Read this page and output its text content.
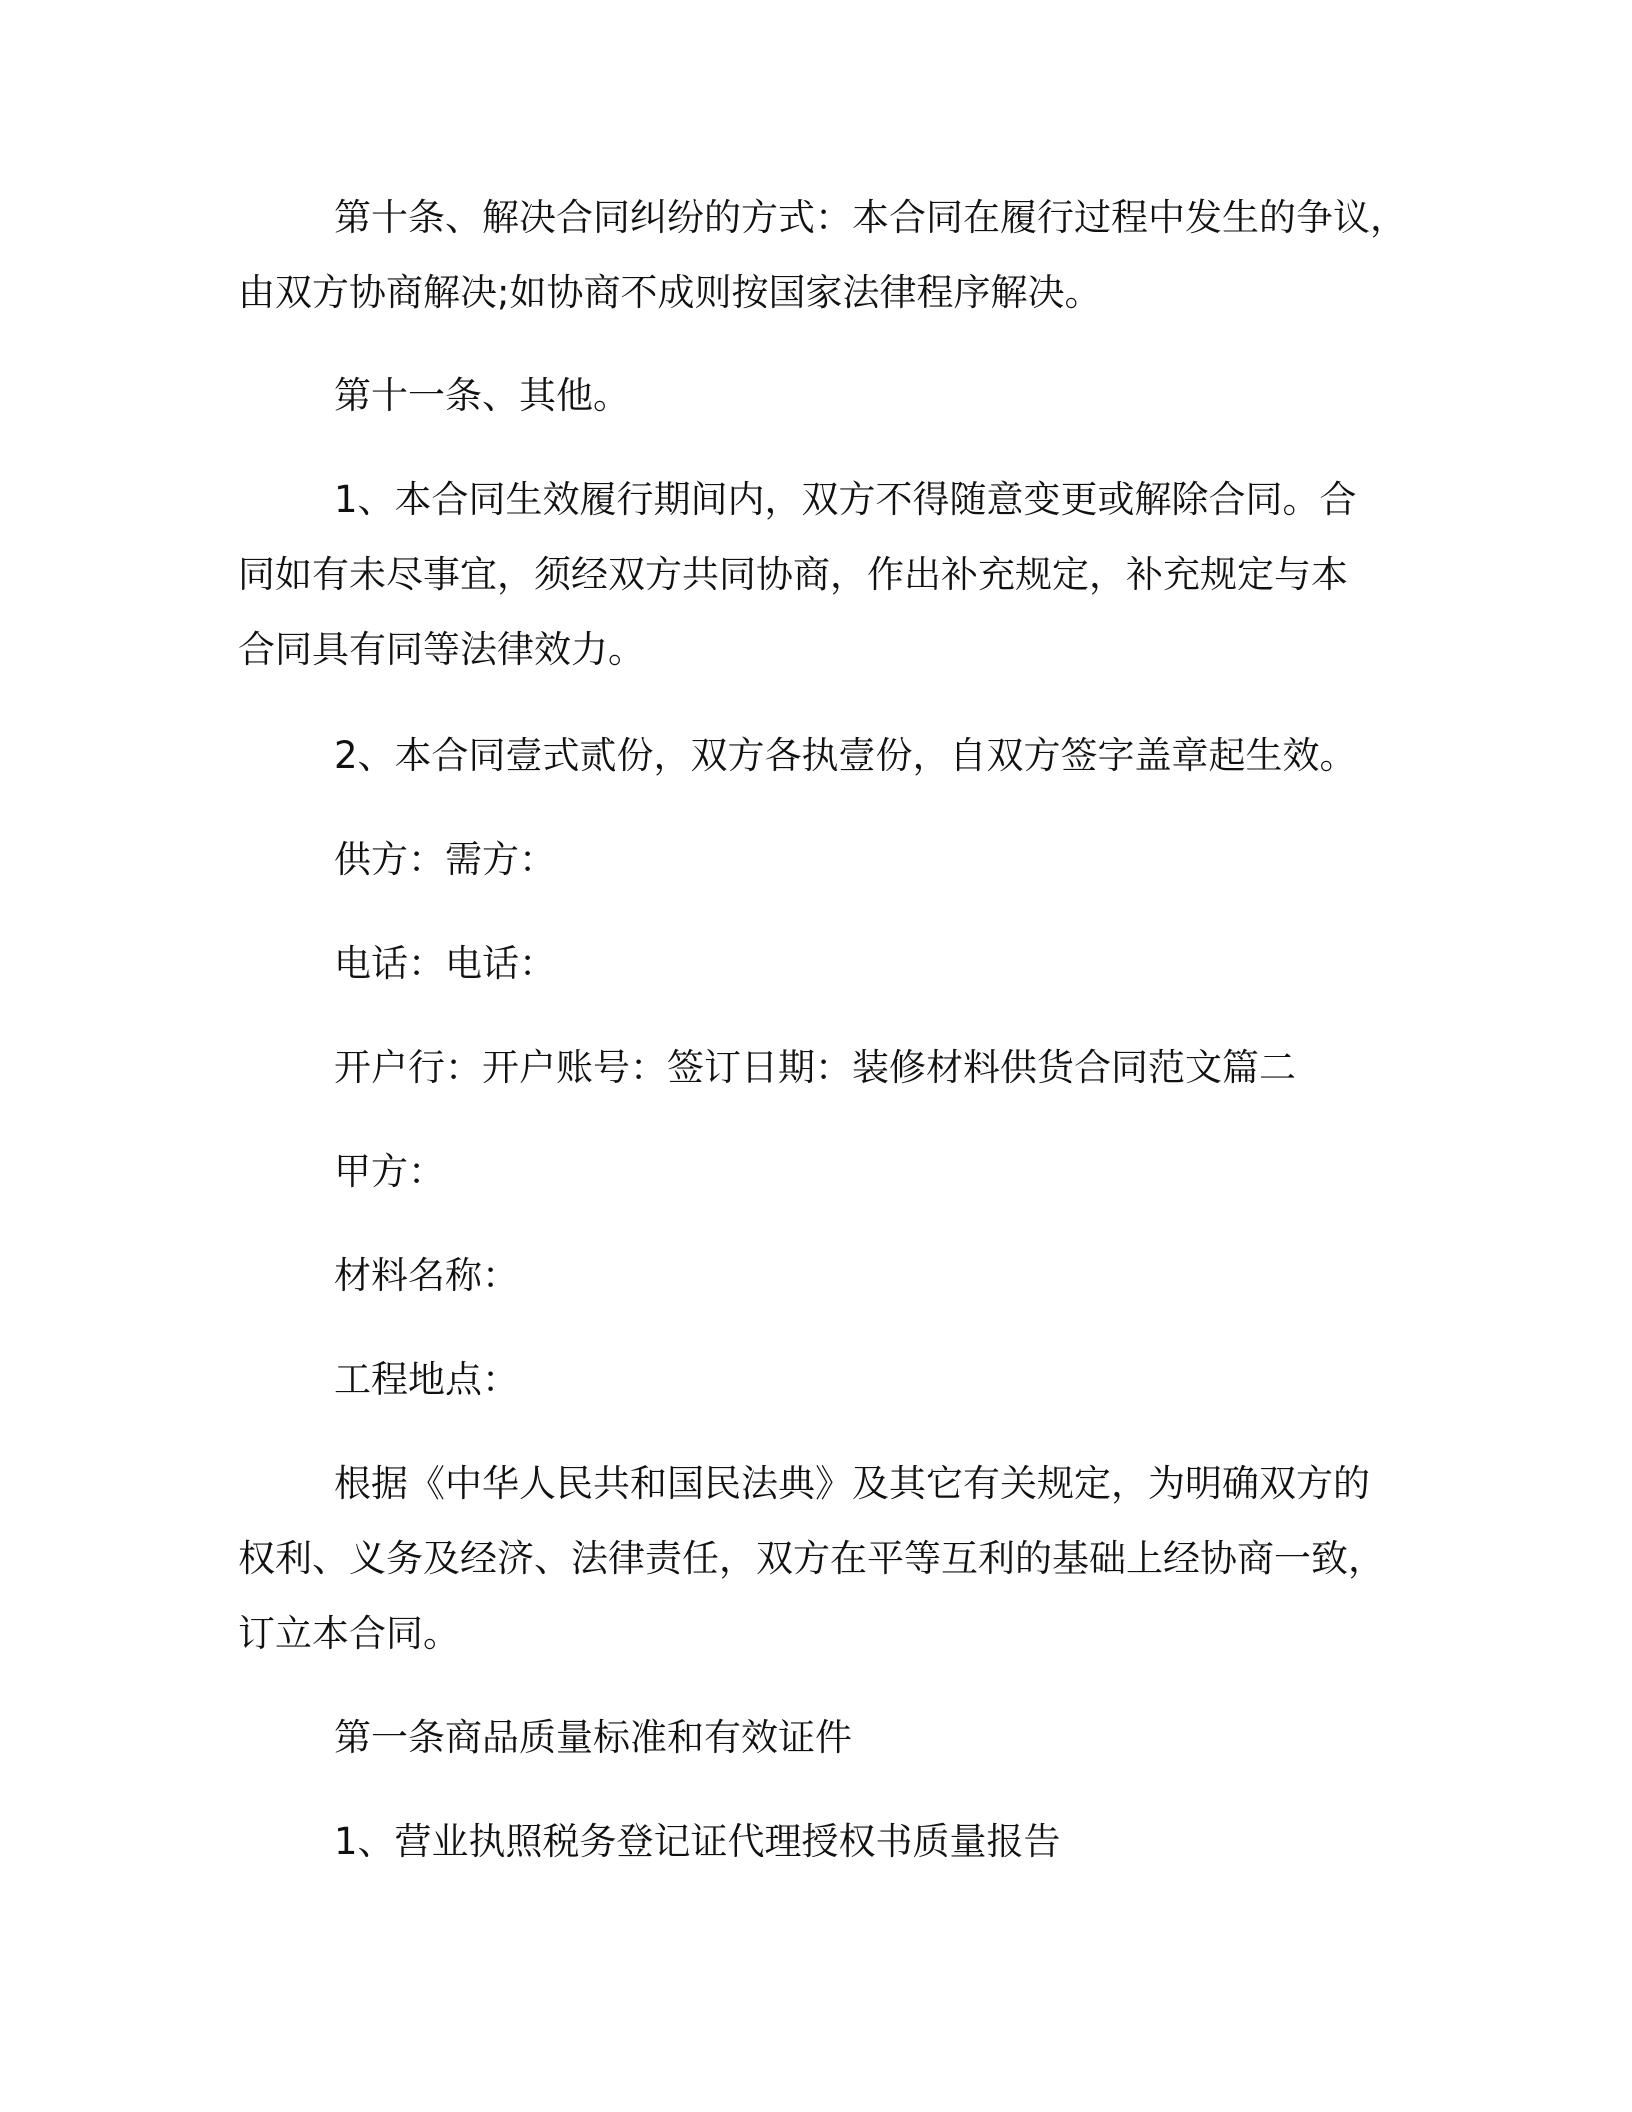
第十条、解决合同纠纷的方式：本合同在履行过程中发生的争议，
由双方协商解决;如协商不成则按国家法律程序解决。

第十一条、其他。

1、本合同生效履行期间内，双方不得随意变更或解除合同。合
同如有未尽事宜，须经双方共同协商，作出补充规定，补充规定与本
合同具有同等法律效力。

2、本合同壹式贰份，双方各执壹份，自双方签字盖章起生效。

供方：需方：

电话：电话：

开户行：开户账号：签订日期：装修材料供货合同范文篇二

甲方：

材料名称：

工程地点：

根据《中华人民共和国民法典》及其它有关规定，为明确双方的
权利、义务及经济、法律责任，双方在平等互利的基础上经协商一致，
订立本合同。

第一条商品质量标准和有效证件

1、营业执照税务登记证代理授权书质量报告
